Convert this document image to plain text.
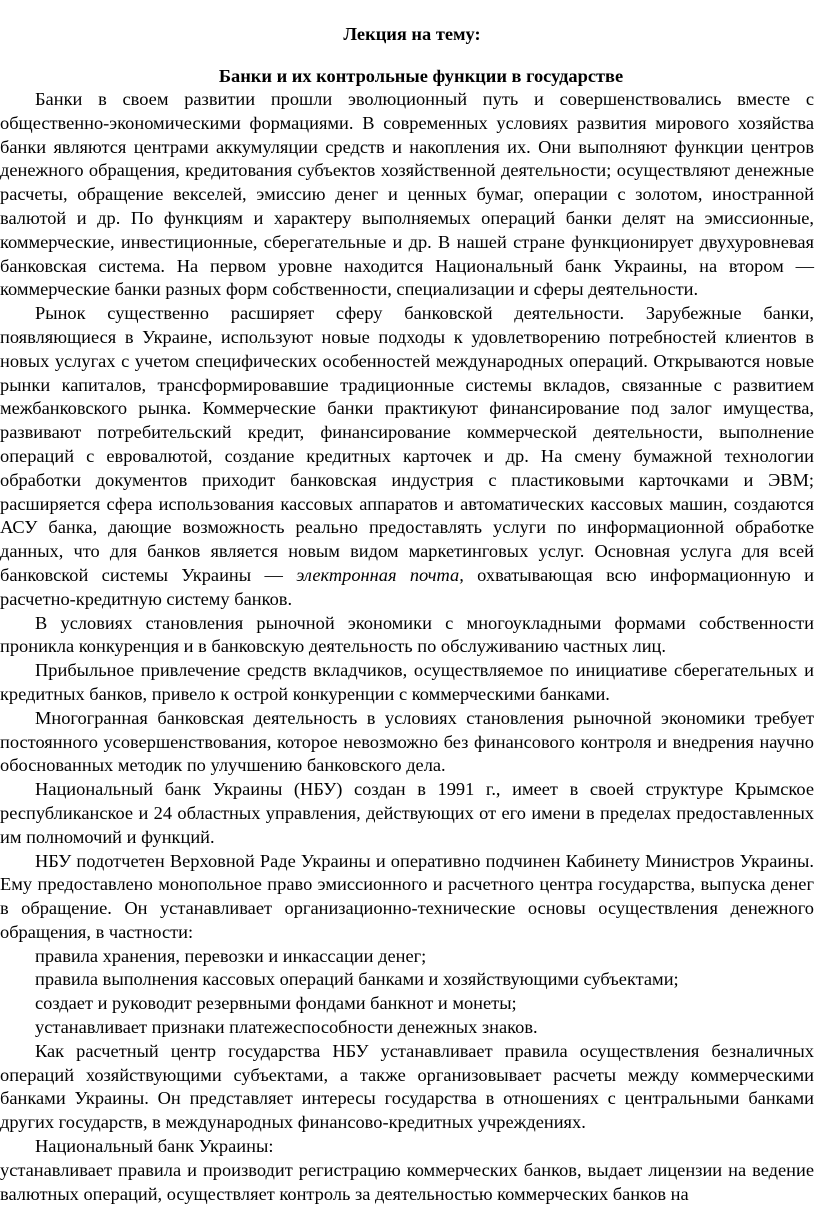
Лекция на тему:
Банки и их контрольные функции в государстве

Банки в своем развитии прошли эволюционный путь и совершенствовались вместе с общественно-экономическими формациями. В современных условиях развития мирового хозяйства банки являются центрами аккумуляции средств и накопления их. Они выполняют функции центров денежного обращения, кредитования субъектов хозяйственной деятельности; осуществляют денежные расчеты, обращение векселей, эмиссию денег и ценных бумаг, операции с золотом, иностранной валютой и др. По функциям и характеру выполняемых операций банки делят на эмиссионные, коммерческие, инвестиционные, сберегательные и др. В нашей стране функционирует двухуровневая банковская система. На первом уровне находится Национальный банк Украины, на втором — коммерческие банки разных форм собственности, специализации и сферы деятельности.

Рынок существенно расширяет сферу банковской деятельности. Зарубежные банки, появляющиеся в Украине, используют новые подходы к удовлетворению потребностей клиентов в новых услугах с учетом специфических особенностей международных операций. Открываются новые рынки капиталов, трансформировавшие традиционные системы вкладов, связанные с развитием межбанковского рынка. Коммерческие банки практикуют финансирование под залог имущества, развивают потребительский кредит, финансирование коммерческой деятельности, выполнение операций с евровалютой, создание кредитных карточек и др. На смену бумажной технологии обработки документов приходит банковская индустрия с пластиковыми карточками и ЭВМ; расширяется сфера использования кассовых аппаратов и автоматических кассовых машин, создаются АСУ банка, дающие возможность реально предоставлять услуги по информационной обработке данных, что для банков является новым видом маркетинговых услуг. Основная услуга для всей банковской системы Украины — электронная почта, охватывающая всю информационную и расчетно-кредитную систему банков.

В условиях становления рыночной экономики с многоукладными формами собственности проникла конкуренция и в банковскую деятельность по обслуживанию частных лиц.

Прибыльное привлечение средств вкладчиков, осуществляемое по инициативе сберегательных и кредитных банков, привело к острой конкуренции с коммерческими банками.

Многогранная банковская деятельность в условиях становления рыночной экономики требует постоянного усовершенствования, которое невозможно без финансового контроля и внедрения научно обоснованных методик по улучшению банковского дела.

Национальный банк Украины (НБУ) создан в 1991 г., имеет в своей структуре Крымское республиканское и 24 областных управления, действующих от его имени в пределах предоставленных им полномочий и функций.

НБУ подотчетен Верховной Раде Украины и оперативно подчинен Кабинету Министров Украины. Ему предоставлено монопольное право эмиссионного и расчетного центра государства, выпуска денег в обращение. Он устанавливает организационно-технические основы осуществления денежного обращения, в частности:

правила хранения, перевозки и инкассации денег;

правила выполнения кассовых операций банками и хозяйствующими субъектами;

создает и руководит резервными фондами банкнот и монеты;

устанавливает признаки платежеспособности денежных знаков.

Как расчетный центр государства НБУ устанавливает правила осуществления безналичных операций хозяйствующими субъектами, а также организовывает расчеты между коммерческими банками Украины. Он представляет интересы государства в отношениях с центральными банками других государств, в международных финансово-кредитных учреждениях.

Национальный банк Украины:

устанавливает правила и производит регистрацию коммерческих банков, выдает лицензии на ведение валютных операций, осуществляет контроль за деятельностью коммерческих банков на
